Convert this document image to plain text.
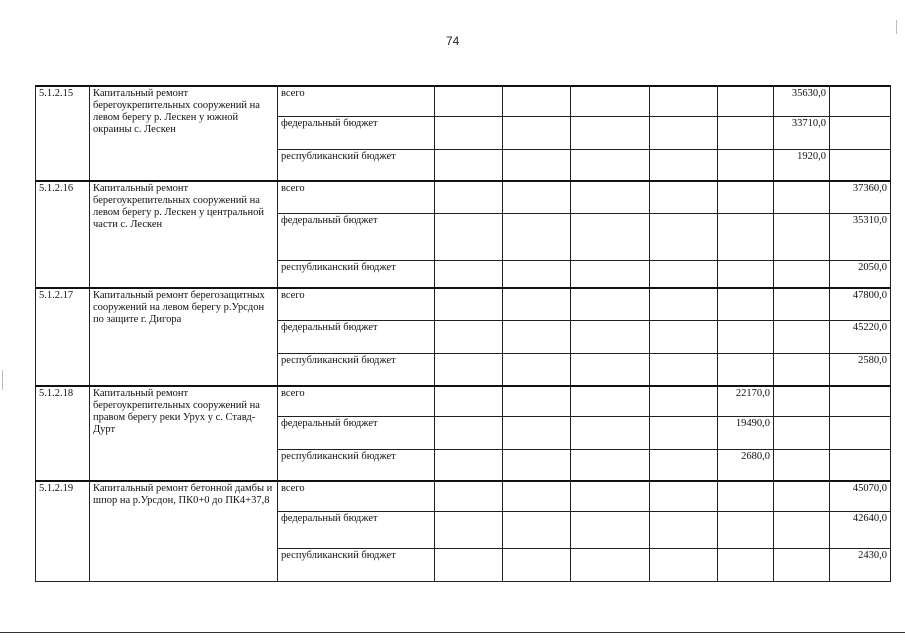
74
5.1.2.15	Капитальный ремонт берегоукрепительных сооружений на левом берегу р. Лескен у южной окраины с. Лескен	всего						35630,0	
		федеральный бюджет						33710,0	
		республиканский бюджет						1920,0	
5.1.2.16	Капитальный ремонт берегоукрепительных сооружений на левом берегу р. Лескен у центральной части с. Лескен	всего							37360,0
		федеральный бюджет							35310,0
		республиканский бюджет							2050,0
5.1.2.17	Капитальный ремонт берегозащитных сооружений на левом берегу р.Урсдон по защите г. Дигора	всего							47800,0
		федеральный бюджет							45220,0
		республиканский бюджет							2580,0
5.1.2.18	Капитальный ремонт берегоукрепительных сооружений на правом берегу реки Урух у с. Ставд-Дурт	всего					22170,0		
		федеральный бюджет					19490,0		
		республиканский бюджет					2680,0		
5.1.2.19	Капитальный ремонт бетонной дамбы и шпор на р.Урсдон, ПК0+0 до ПК4+37,8	всего							45070,0
		федеральный бюджет							42640,0
		республиканский бюджет							2430,0
